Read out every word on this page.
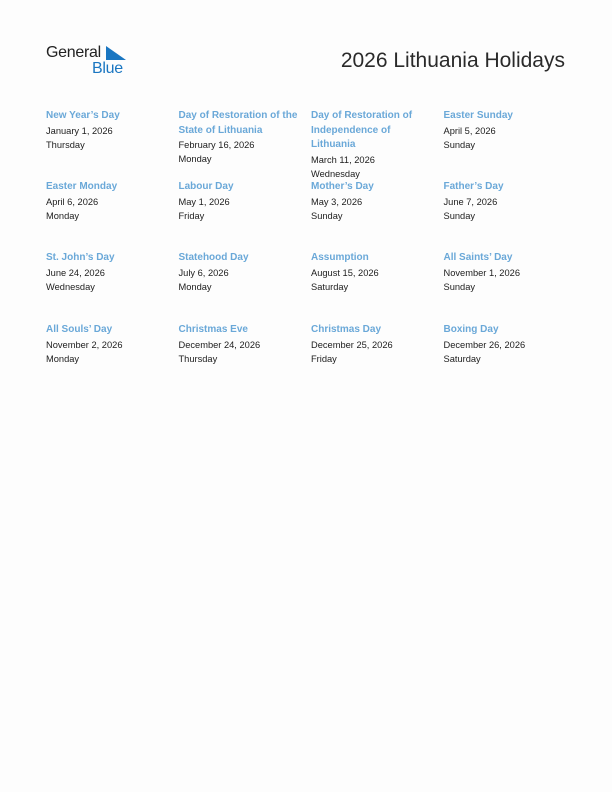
General
Blue	2026 Lithuania Holidays
New Year’s Day
January 1, 2026
Thursday
Day of Restoration of the State of Lithuania
February 16, 2026
Monday
Day of Restoration of Independence of Lithuania
March 11, 2026
Wednesday
Easter Sunday
April 5, 2026
Sunday
Easter Monday
April 6, 2026
Monday
Labour Day
May 1, 2026
Friday
Mother’s Day
May 3, 2026
Sunday
Father’s Day
June 7, 2026
Sunday
St. John’s Day
June 24, 2026
Wednesday
Statehood Day
July 6, 2026
Monday
Assumption
August 15, 2026
Saturday
All Saints’ Day
November 1, 2026
Sunday
All Souls’ Day
November 2, 2026
Monday
Christmas Eve
December 24, 2026
Thursday
Christmas Day
December 25, 2026
Friday
Boxing Day
December 26, 2026
Saturday
